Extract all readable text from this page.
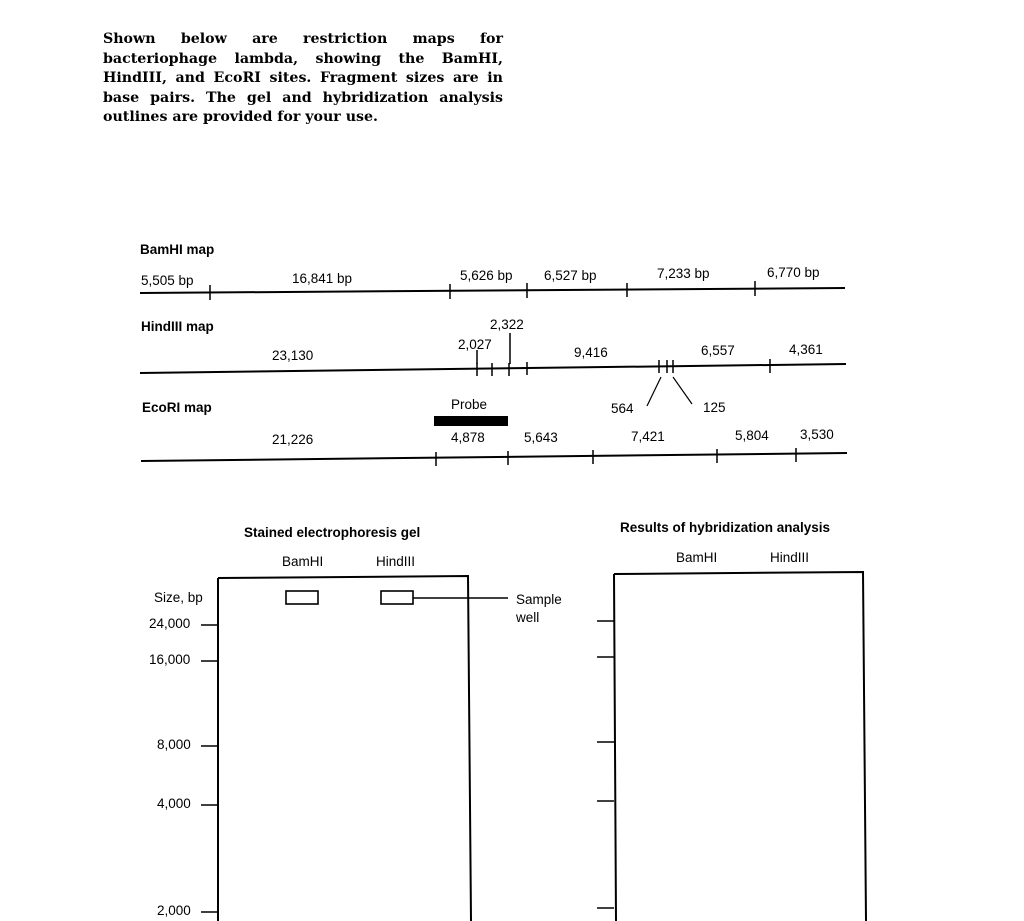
Shown below are restriction maps for bacteriophage lambda, showing the BamHI, HindIII, and EcoRI sites. Fragment sizes are in base pairs. The gel and hybridization analysis outlines are provided for your use.
BamHI map
5,505 bp	16,841 bp	5,626 bp 6,527 bp	7,233 bp	6,770 bp
HindIII map
23,130
2,027
2,322
9,416	6,557	4,361
564	125
EcoRI map	Probe
21,226	4,878	5,643	7,421	5,804 3,530
Stained electrophoresis gel
BamHI	HindIII
Size, bp
24,000
16,000
8,000
4,000
2,000
Sample
well
Results of hybridization analysis
BamHI	HindIII
